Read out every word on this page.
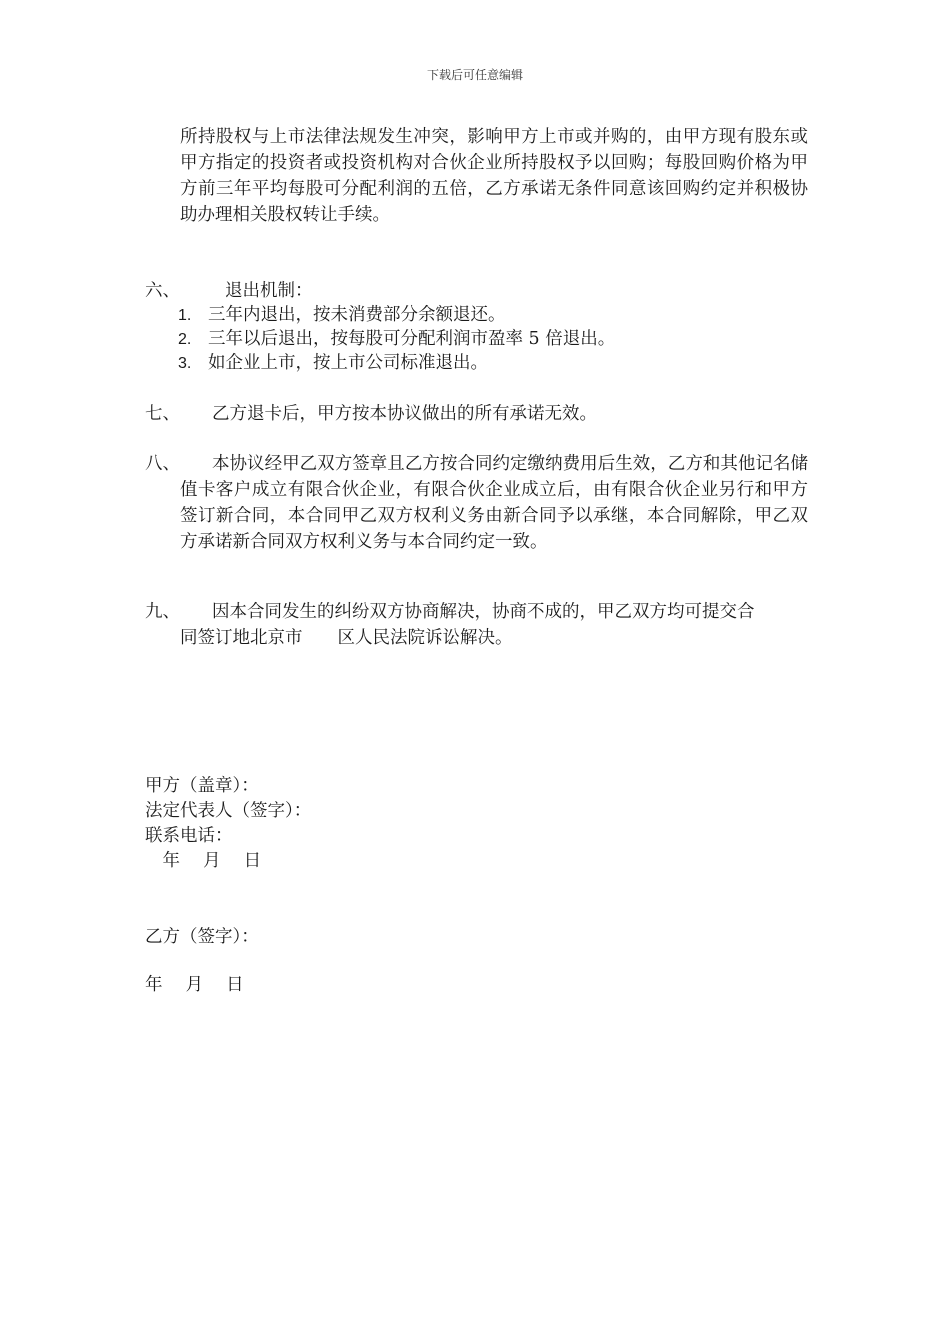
下载后可任意编辑
所持股权与上市法律法规发生冲突，影响甲方上市或并购的，由甲方现有股东或甲方指定的投资者或投资机构对合伙企业所持股权予以回购；每股回购价格为甲方前三年平均每股可分配利润的五倍，乙方承诺无条件同意该回购约定并积极协助办理相关股权转让手续。
六、	退出机制：
1. 三年内退出，按未消费部分余额退还。
2. 三年以后退出，按每股可分配利润市盈率 5 倍退出。
3. 如企业上市，按上市公司标准退出。
七、 乙方退卡后，甲方按本协议做出的所有承诺无效。
八、	本协议经甲乙双方签章且乙方按合同约定缴纳费用后生效，乙方和其他记名储值卡客户成立有限合伙企业，有限合伙企业成立后，由有限合伙企业另行和甲方签订新合同，本合同甲乙双方权利义务由新合同予以承继，本合同解除，甲乙双方承诺新合同双方权利义务与本合同约定一致。
九、 因本合同发生的纠纷双方协商解决，协商不成的，甲乙双方均可提交合
同签订地北京市　　区人民法院诉讼解决。
甲方（盖章）：
法定代表人（签字）：
联系电话：
　年　 月　 日
乙方（签字）：
年　 月　 日
